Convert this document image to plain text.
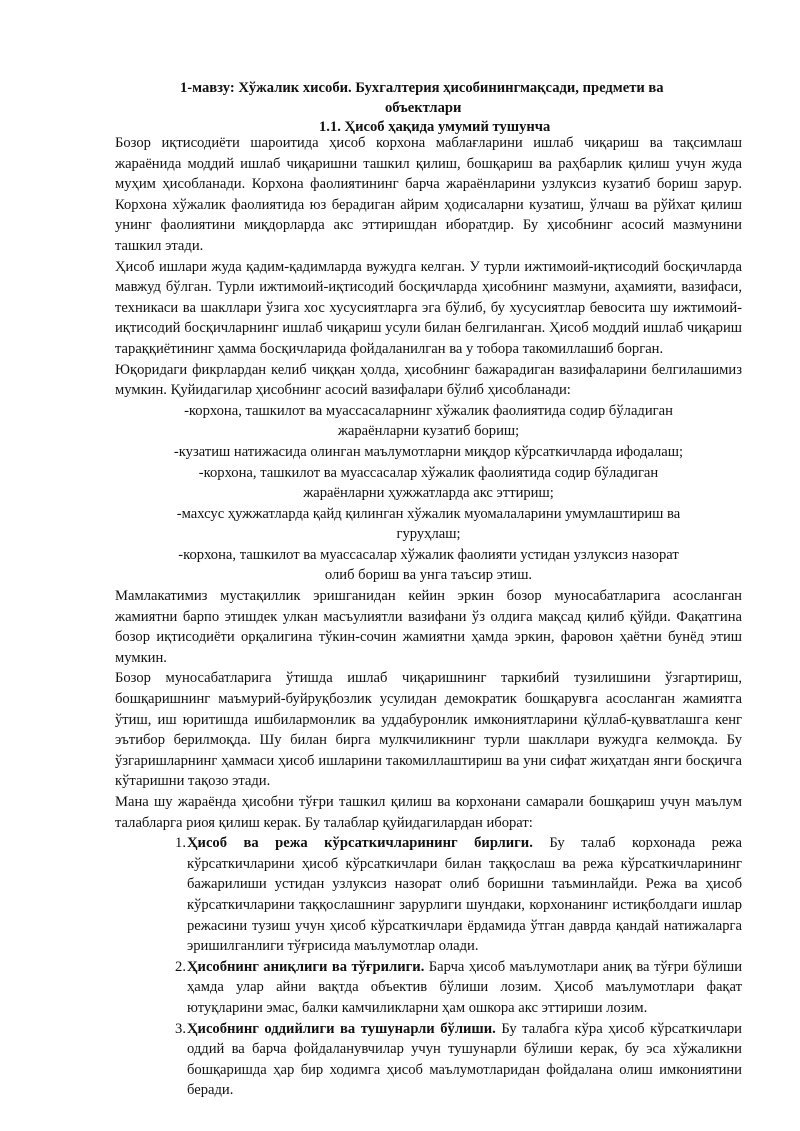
1-мавзу: Хўжалик хисоби. Бухгалтерия ҳисобинингмақсади, предмети ва
объектлари
1.1. Ҳисоб ҳақида умумий тушунча

Бозор иқтисодиёти шароитида ҳисоб корхона маблағларини ишлаб чиқариш ва тақсимлаш жараёнида моддий ишлаб чиқаришни ташкил қилиш, бошқариш ва раҳбарлик қилиш учун жуда муҳим ҳисобланади. Корхона фаолиятининг барча жараёнларини узлуксиз кузатиб бориш зарур. Корхона хўжалик фаолиятида юз берадиган айрим ҳодисаларни кузатиш, ўлчаш ва рўйхат қилиш унинг фаолиятини миқдорларда акс эттиришдан иборатдир. Бу ҳисобнинг асосий мазмунини ташкил этади.

Ҳисоб ишлари жуда қадим-қадимларда вужудга келган. У турли ижтимоий-иқтисодий босқичларда мавжуд бўлган. Турли ижтимоий-иқтисодий босқичларда ҳисобнинг мазмуни, аҳамияти, вазифаси, техникаси ва шакллари ўзига хос хусусиятларга эга бўлиб, бу хусусиятлар бевосита шу ижтимоий-иқтисодий босқичларнинг ишлаб чиқариш усули билан белгиланган. Ҳисоб моддий ишлаб чиқариш тараққиётининг ҳамма босқичларида фойдаланилган ва у тобора такомиллашиб борган.

Юқоридаги фикрлардан келиб чиққан ҳолда, ҳисобнинг бажарадиган вазифаларини белгилашимиз мумкин. Қуйидагилар ҳисобнинг асосий вазифалари бўлиб ҳисобланади:

-корхона, ташкилот ва муассасаларнинг хўжалик фаолиятида содир бўладиган
жараёнларни кузатиб бориш;
-кузатиш натижасида олинган маълумотларни миқдор кўрсаткичларда ифодалаш;
-корхона, ташкилот ва муассасалар хўжалик фаолиятида содир бўладиган
жараёнларни ҳужжатларда акс эттириш;
-махсус ҳужжатларда қайд қилинган хўжалик муомалаларини умумлаштириш ва
гуруҳлаш;
-корхона, ташкилот ва муассасалар хўжалик фаолияти устидан узлуксиз назорат
олиб бориш ва унга таъсир этиш.

Мамлакатимиз мустақиллик эришганидан кейин эркин бозор муносабатларига асосланган жамиятни барпо этишдек улкан масъулиятли вазифани ўз олдига мақсад қилиб қўйди. Фақатгина бозор иқтисодиёти орқалигина тўкин-сочин жамиятни ҳамда эркин, фаровон ҳаётни бунёд этиш мумкин.

Бозор муносабатларига ўтишда ишлаб чиқаришнинг таркибий тузилишини ўзгартириш, бошқаришнинг маъмурий-буйруқбозлик усулидан демократик бошқарувга асосланган жамиятга ўтиш, иш юритишда ишбилармонлик ва уддабуронлик имкониятларини қўллаб-қувватлашга кенг эътибор берилмоқда. Шу билан бирга мулкчиликнинг турли шакллари вужудга келмоқда. Бу ўзгаришларнинг ҳаммаси ҳисоб ишларини такомиллаштириш ва уни сифат жиҳатдан янги босқичга кўтаришни тақозо этади.

Мана шу жараёнда ҳисобни тўғри ташкил қилиш ва корхонани самарали бошқариш учун маълум талабларга риоя қилиш керак. Бу талаблар қуйидагилардан иборат:

1. Ҳисоб ва режа кўрсаткичларининг бирлиги. Бу талаб корхонада режа кўрсаткичларини ҳисоб кўрсаткичлари билан таққослаш ва режа кўрсаткичларининг бажарилиши устидан узлуксиз назорат олиб боришни таъминлайди. Режа ва ҳисоб кўрсаткичларини таққослашнинг зарурлиги шундаки, корхонанинг истиқболдаги ишлар режасини тузиш учун ҳисоб кўрсаткичлари ёрдамида ўтган даврда қандай натижаларга эришилганлиги тўғрисида маълумотлар олади.
2. Ҳисобнинг аниқлиги ва тўғрилиги. Барча ҳисоб маълумотлари аниқ ва тўғри бўлиши ҳамда улар айни вақтда объектив бўлиши лозим. Ҳисоб маълумотлари фақат ютуқларини эмас, балки камчиликларни ҳам ошкора акс эттириши лозим.
3. Ҳисобнинг оддийлиги ва тушунарли бўлиши. Бу талабга кўра ҳисоб кўрсаткичлари оддий ва барча фойдаланувчилар учун тушунарли бўлиши керак, бу эса хўжаликни бошқаришда ҳар бир ходимга ҳисоб маълумотларидан фойдалана олиш имкониятини беради.
